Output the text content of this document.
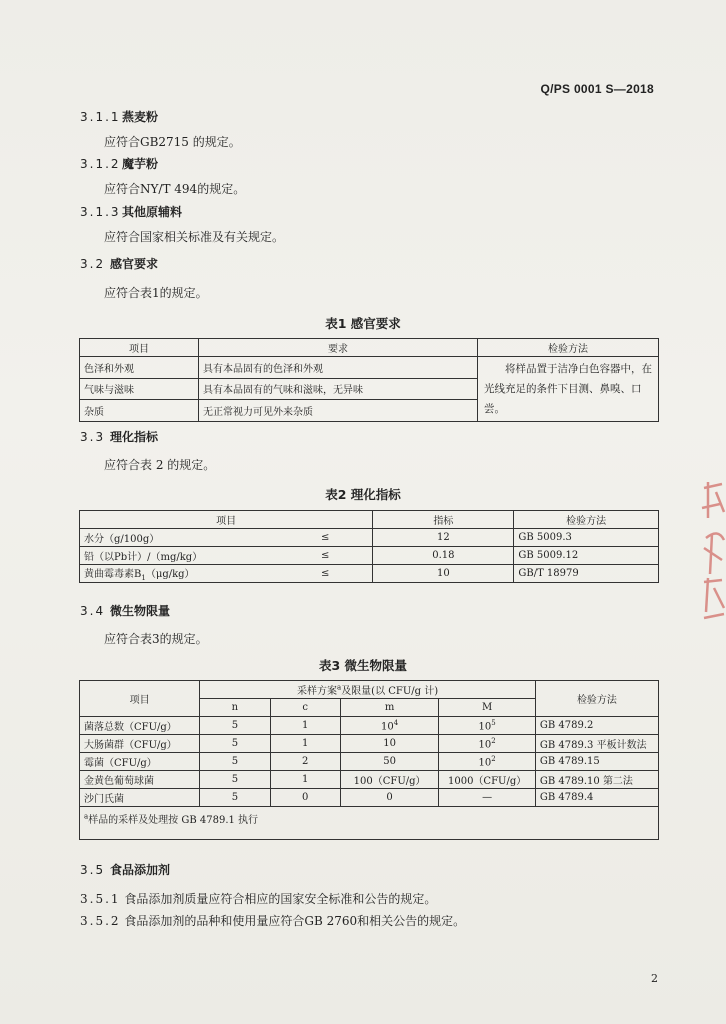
Q/PS 0001 S—2018
3.1.1燕麦粉
应符合GB2715 的规定。
3.1.2魔芋粉
应符合NY/T 494的规定。
3.1.3其他原辅料
应符合国家相关标准及有关规定。
3.2 感官要求
应符合表1的规定。
表1 感官要求
项目	要求	检验方法
色泽和外观	具有本品固有的色泽和外观	将样品置于洁净白色容器中，在光线充足的条件下目测、鼻嗅、口尝。
气味与滋味	具有本品固有的气味和滋味，无异味	
杂质	无正常视力可见外来杂质	
3.3 理化指标
应符合表 2 的规定。
表2 理化指标
项目		指标	检验方法
水分（g/100g）	≤	12	GB 5009.3
铅（以Pb计）/（mg/kg）	≤	0.18	GB 5009.12
黄曲霉毒素$B_1(\mu g/kg)$	≤	10	GB/T 18979
3.4 微生物限量
应符合表3的规定。
表3 微生物限量
项目	采样方案$^a$及限量(以 CFU/g 计)				检验方法
	n	c	m	M	
菌落总数（CFU/g）	5	1	$10^4$	$10^5$	GB 4789.2
大肠菌群（CFU/g）	5	1	10	$10^2$	GB 4789.3 平板计数法
霉菌（CFU/g）	5	2	50	$10^2$	GB 4789.15
金黄色葡萄球菌	5	1	100（CFU/g）	1000（CFU/g）	GB 4789.10 第二法
沙门氏菌	5	0	0	—	GB 4789.4
$^a$样品的采样及处理按 GB 4789.1 执行					
3.5 食品添加剂
3.5.1 食品添加剂质量应符合相应的国家安全标准和公告的规定。
3.5.2 食品添加剂的品种和使用量应符合GB 2760和相关公告的规定。
2
